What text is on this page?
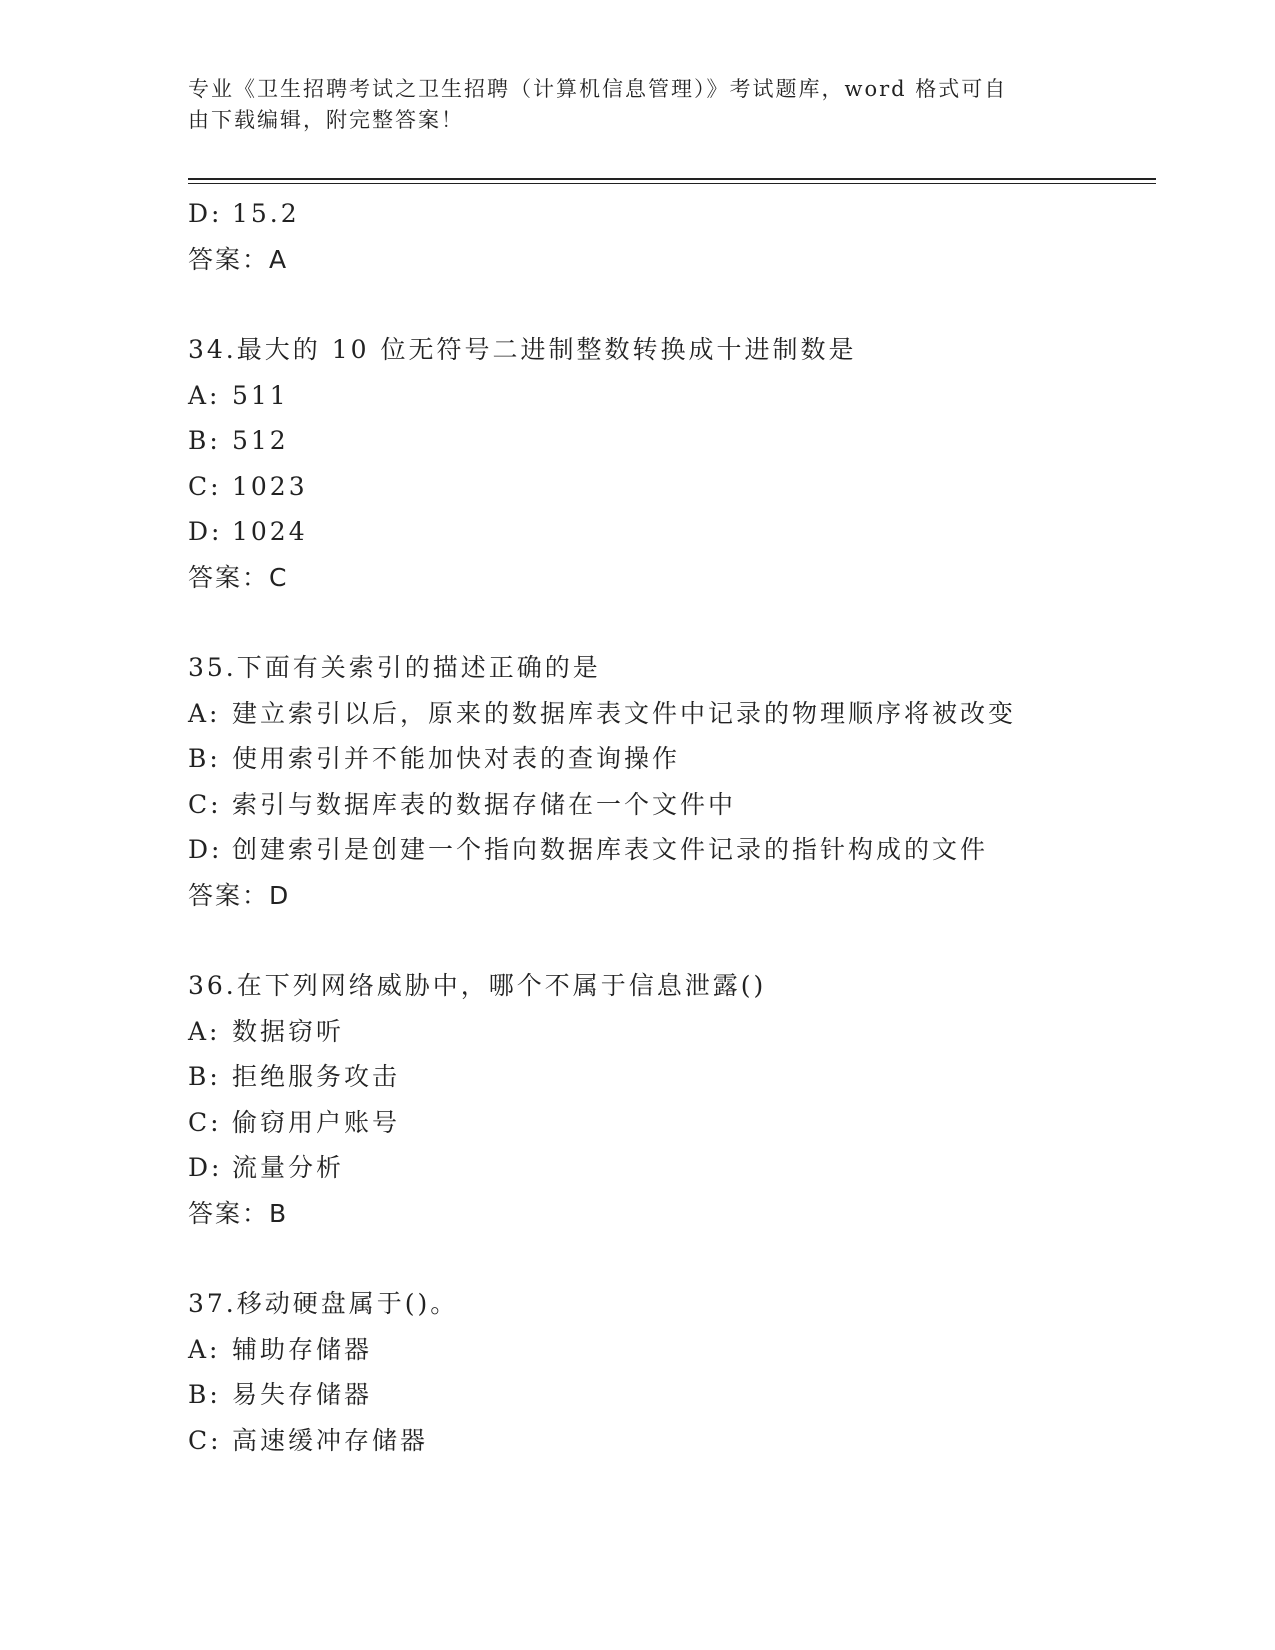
专业《卫生招聘考试之卫生招聘（计算机信息管理）》考试题库，word 格式可自
由下载编辑，附完整答案！
D: 15.2
答案：A
34.最大的 10 位无符号二进制整数转换成十进制数是
A: 511
B: 512
C: 1023
D: 1024
答案：C
35.下面有关索引的描述正确的是
A: 建立索引以后，原来的数据库表文件中记录的物理顺序将被改变
B: 使用索引并不能加快对表的查询操作
C: 索引与数据库表的数据存储在一个文件中
D: 创建索引是创建一个指向数据库表文件记录的指针构成的文件
答案：D
36.在下列网络威胁中，哪个不属于信息泄露()
A: 数据窃听
B: 拒绝服务攻击
C: 偷窃用户账号
D: 流量分析
答案：B
37.移动硬盘属于()。
A: 辅助存储器
B: 易失存储器
C: 高速缓冲存储器
